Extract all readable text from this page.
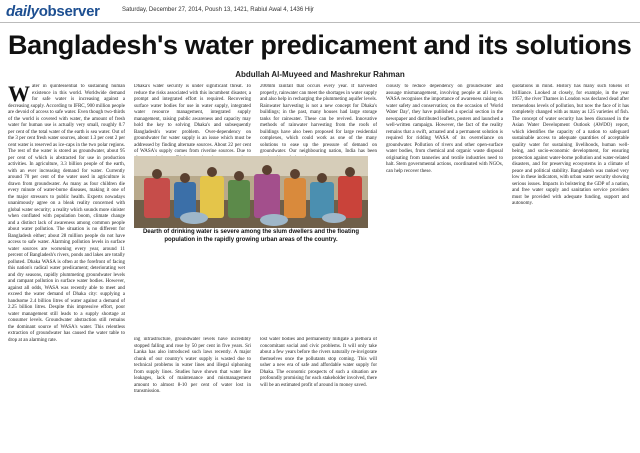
dailyobserver	Saturday, December 27, 2014, Poush 13, 1421, Rabiul Awal 4, 1436 Hijr
Bangladesh's water predicament and its solutions
Abdullah Al-Muyeed and Mashrekur Rahman
Water in quintessential to sustaining human existence in this world. Worldwide demand for safe water is increasing against a decreasing supply. According to IFRC, 900 million people are devoid of access to safe water. Even though two-thirds of the world is covered with water, the amount of fresh water for human use is actually very small, roughly 0.7 per cent of the total water of the earth is sea water. Out of the 3 per cent fresh water sources, about 1.3 per cent 2 per cent water is reserved as ice-caps in the two polar regions. The rest of the water is stored as groundwater, about 95 per cent of which is abstracted for use in production activities. In agriculture, 3.3 billion people of the earth, with an ever increasing demand for water. Currently around 70 per cent of the water used in agriculture is drawn from groundwater. As many as four children die every minute of water-borne diseases, making it one of the major stressors to public health. Experts nowadays unanimously agree on a bleak reality concerned with global water security; a reality which sounds more sinister when conflated with population boom, climate change and a distinct lack of awareness among common people about water pollution. The situation is no different for Bangladesh either; about 28 million people do not have access to safe water. Alarming pollution levels in surface water sources are worsening every year, around 11 percent of Bangladesh's rivers, ponds and lakes are totally polluted. Dhaka WASA is often at the forefront of facing this nation's radical water predicament; deteriorating wet and dry seasons, rapidly plummeting groundwater levels and rampant pollution in surface water bodies. However, against all odds, WASA was recently able to meet and exceed the water demand of Dhaka city: supplying a handsome 2.4 billion litres of water against a demand of 2.25 billion litres. Despite this impressive effort, poor water management still leads to a supply shortage at consumer levels. Groundwater abstraction still remains the dominant source of WASA's water. This relentless extraction of groundwater has caused the water table to drop at an alarming rate.
Dhaka's water security is under significant threat. To reduce the risks associated with this incumbent disaster, a prompt and integrated effort is required. Recovering surface water bodies for use in water supply, integrated water resource management, integrated supply management, raising public awareness and capacity may hold the key to solving Dhaka's and subsequently Bangladesh's water problem. Over-dependency on groundwater for water supply is an issue which must be addressed by finding alternate sources. About 22 per cent of WASA's supply comes from riverine sources. Due to
200mm rainfall that occurs every year. If harvested properly, rainwater can meet the shortages in water supply and also help in recharging the plummeting aquifer levels. Rainwater harvesting is not a new concept for Dhaka's buildings; in the past, many houses had large storage tanks for rainwater. These can be revived. Innovative methods of rainwater harvesting from the roofs of buildings have also been proposed for large residential complexes, which could work as one of the many solutions to ease up the pressure of demand on groundwater. Our neighbouring nation, India has been
ing infrastructure, groundwater levels have incredibly stopped falling and rose by 50 per cent in five years. Sri Lanka has also introduced such laws recently. A major chunk of our country's water supply is wasted due to technical problems in water lines and illegal siphoning from supply lines. Studies have shown that water line leakages, lack of maintenance and mismanagement amount to almost 8-10 per cent of water lost in transmission.
lost water bodies and permanently mitigate a plethora of concomitant social and civic problems. It will only take about a few years before the rivers naturally re-invigorate themselves once the pollutants stop coming. This will usher a new era of safe and affordable water supply for Dhaka. The economic prospects of such a situation are profoundly promising for each stakeholder involved, there will be an estimated profit of around in money saved.
ciously to reduce dependency on groundwater and assuage mismanagement, involving people at all levels. WASA recognises the importance of awareness raising on water safety and conservation; on the occasion of 'World Water Day', they have published a special section in the newspaper and distributed leaflets, posters and launched a well-written campaign. However, the fact of the reality remains that a swift, actuated and a permanent solution is required for ridding WASA of its overreliance on groundwater. Pollution of rivers and other open-surface water bodies, from chemical and organic waste disposal originating from tanneries and textile industries need to halt. Stern governmental actions, coordinated with NGOs, can help recover these.
quotations in mind. History has many such tokens of brilliance. Looked at closely, for example, in the year 1957, the river Thames in London was declared dead after tremendous levels of pollution, but now the face of it has completely changed with as many as 125 varieties of fish. The concept of water security has been discussed in the Asian Water Development Outlook (AWDO) report, which identifies the capacity of a nation to safeguard sustainable access to adequate quantities of acceptable quality water for sustaining livelihoods, human well-being, and socio-economic development, for ensuring protection against water-borne pollution and water-related disasters, and for preserving ecosystems in a climate of peace and political stability. Bangladesh was ranked very low in these indicators, with urban water security showing serious issues. Impacts in bolstering the GDP of a nation, and free water supply and sanitation service providers must be provided with adequate funding, support and autonomy.
Dearth of drinking water is severe among the slum dwellers and the floating population in the rapidly growing urban areas of the country.
